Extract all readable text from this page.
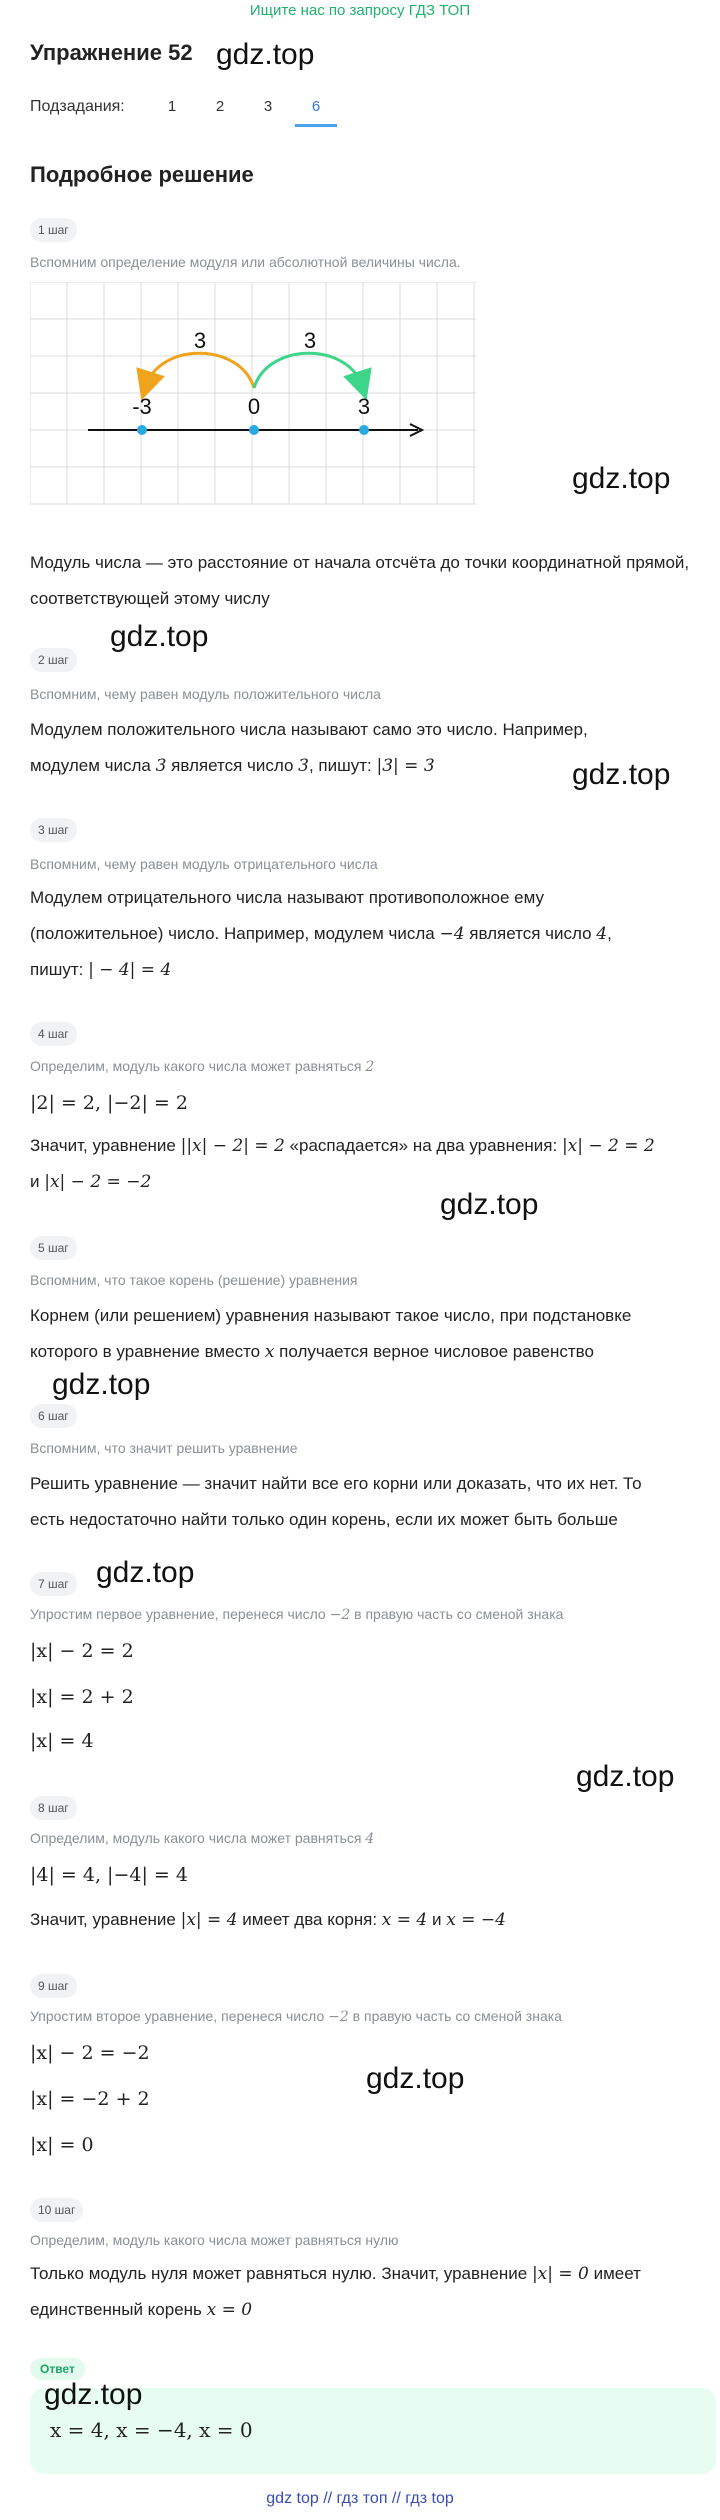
Ищите нас по запросу ГДЗ ТОП
Упражнение 52 gdz.top
Подзадания:	1	2	3	6
Подробное решение
1 шаг
Вспомним определение модуля или абсолютной величины числа.
3	3
-3	0	3
gdz.top
Модуль числа — это расстояние от начала отсчёта до точки координатной прямой, соответствующей этому числу
gdz.top
2 шаг
Вспомним, чему равен модуль положительного числа
Модулем положительного числа называют само это число. Например,
модулем числа 3 является число 3, пишут: |3| = 3	gdz.top
3 шаг
Вспомним, чему равен модуль отрицательного числа
Модулем отрицательного числа называют противоположное ему
(положительное) число. Например, модулем числа −4 является число 4,
пишут: | − 4| = 4
4 шаг
Определим, модуль какого числа может равняться 2
|2| = 2, |−2| = 2
Значит, уравнение ||x| − 2| = 2 «распадается» на два уравнения: |x| − 2 = 2
и |x| − 2 = −2
gdz.top
5 шаг
Вспомним, что такое корень (решение) уравнения
Корнем (или решением) уравнения называют такое число, при подстановке
которого в уравнение вместо x получается верное числовое равенство
gdz.top
6 шаг
Вспомним, что значит решить уравнение
Решить уравнение — значит найти все его корни или доказать, что их нет. То
есть недостаточно найти только один корень, если их может быть больше
gdz.top
7 шаг
Упростим первое уравнение, перенеся число −2 в правую часть со сменой знака
|x| − 2 = 2
|x| = 2 + 2
|x| = 4
gdz.top
8 шаг
Определим, модуль какого числа может равняться 4
|4| = 4, |−4| = 4
Значит, уравнение |x| = 4 имеет два корня: x = 4 и x = −4
9 шаг
Упростим второе уравнение, перенеся число −2 в правую часть со сменой знака
|x| − 2 = −2
gdz.top
|x| = −2 + 2
|x| = 0
10 шаг
Определим, модуль какого числа может равняться нулю
Только модуль нуля может равняться нулю. Значит, уравнение |x| = 0 имеет
единственный корень x = 0
Ответ
gdz.top
x = 4, x = −4, x = 0
gdz top // гдз топ // гдз top
